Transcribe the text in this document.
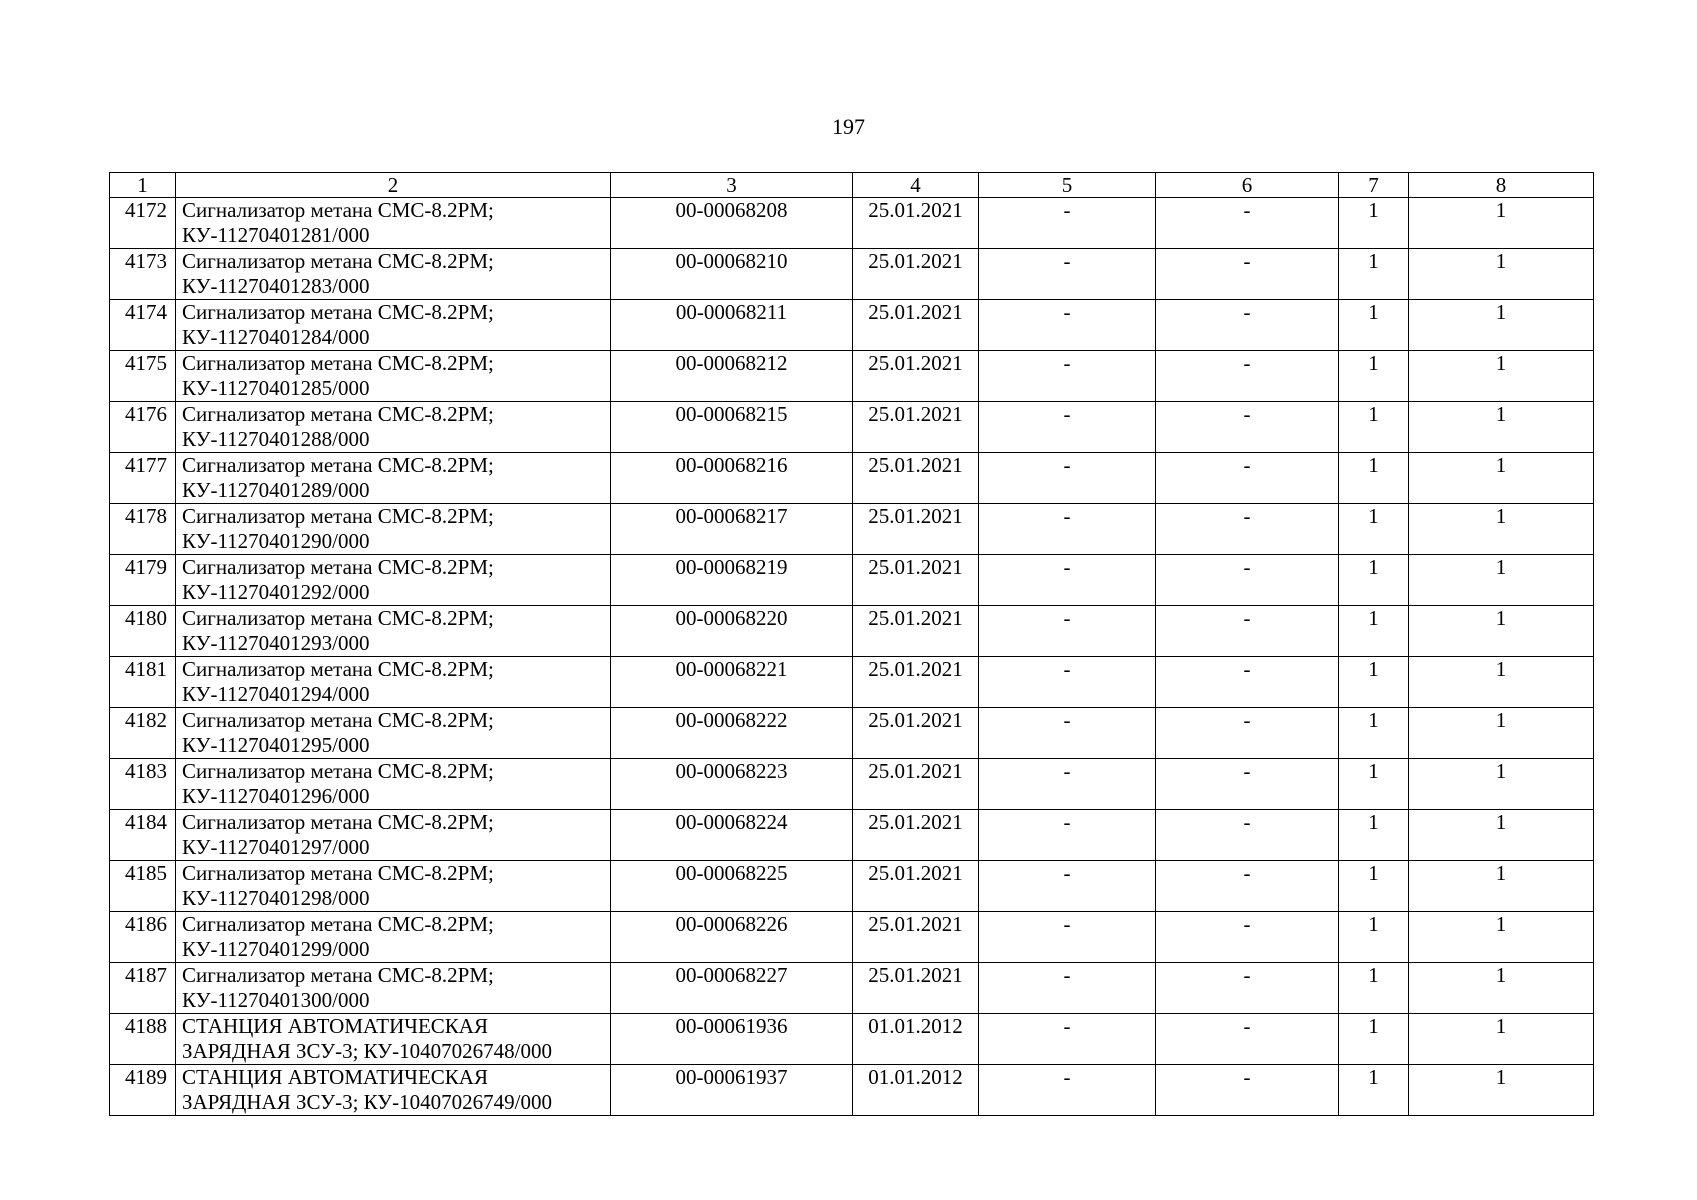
197
1	2	3	4	5	6	7	8
4172	Сигнализатор метана СМС-8.2РМ;
КУ-11270401281/000	00-00068208	25.01.2021	-	-	1	1
4173	Сигнализатор метана СМС-8.2РМ;
КУ-11270401283/000	00-00068210	25.01.2021	-	-	1	1
4174	Сигнализатор метана СМС-8.2РМ;
КУ-11270401284/000	00-00068211	25.01.2021	-	-	1	1
4175	Сигнализатор метана СМС-8.2РМ;
КУ-11270401285/000	00-00068212	25.01.2021	-	-	1	1
4176	Сигнализатор метана СМС-8.2РМ;
КУ-11270401288/000	00-00068215	25.01.2021	-	-	1	1
4177	Сигнализатор метана СМС-8.2РМ;
КУ-11270401289/000	00-00068216	25.01.2021	-	-	1	1
4178	Сигнализатор метана СМС-8.2РМ;
КУ-11270401290/000	00-00068217	25.01.2021	-	-	1	1
4179	Сигнализатор метана СМС-8.2РМ;
КУ-11270401292/000	00-00068219	25.01.2021	-	-	1	1
4180	Сигнализатор метана СМС-8.2РМ;
КУ-11270401293/000	00-00068220	25.01.2021	-	-	1	1
4181	Сигнализатор метана СМС-8.2РМ;
КУ-11270401294/000	00-00068221	25.01.2021	-	-	1	1
4182	Сигнализатор метана СМС-8.2РМ;
КУ-11270401295/000	00-00068222	25.01.2021	-	-	1	1
4183	Сигнализатор метана СМС-8.2РМ;
КУ-11270401296/000	00-00068223	25.01.2021	-	-	1	1
4184	Сигнализатор метана СМС-8.2РМ;
КУ-11270401297/000	00-00068224	25.01.2021	-	-	1	1
4185	Сигнализатор метана СМС-8.2РМ;
КУ-11270401298/000	00-00068225	25.01.2021	-	-	1	1
4186	Сигнализатор метана СМС-8.2РМ;
КУ-11270401299/000	00-00068226	25.01.2021	-	-	1	1
4187	Сигнализатор метана СМС-8.2РМ;
КУ-11270401300/000	00-00068227	25.01.2021	-	-	1	1
4188	СТАНЦИЯ АВТОМАТИЧЕСКАЯ
ЗАРЯДНАЯ ЗСУ-3; КУ-10407026748/000	00-00061936	01.01.2012	-	-	1	1
4189	СТАНЦИЯ АВТОМАТИЧЕСКАЯ
ЗАРЯДНАЯ ЗСУ-3; КУ-10407026749/000	00-00061937	01.01.2012	-	-	1	1
